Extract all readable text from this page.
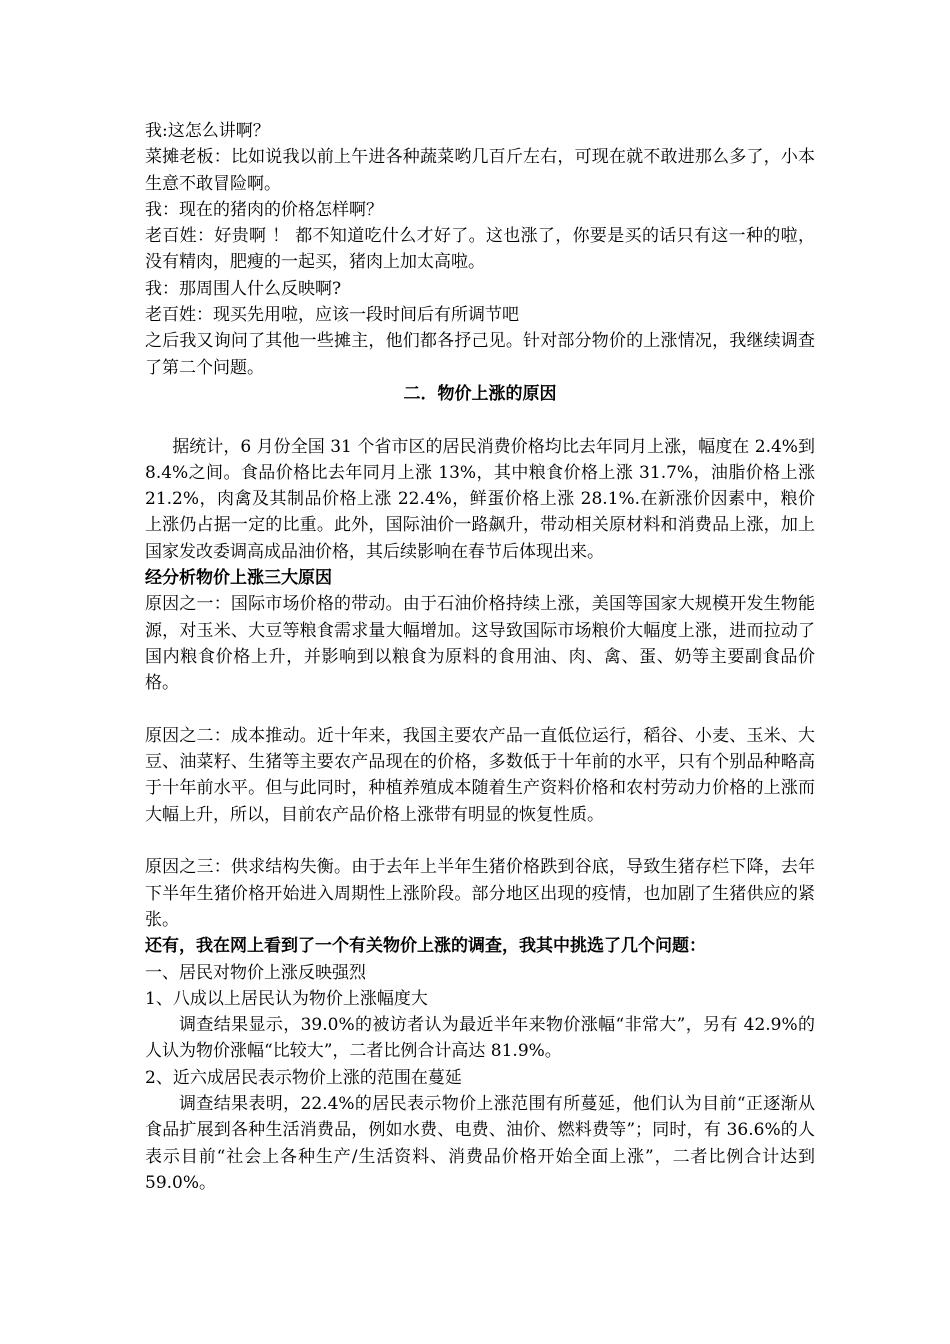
我:这怎么讲啊？

菜摊老板：比如说我以前上午进各种蔬菜哟几百斤左右，可现在就不敢进那么多了，小本生意不敢冒险啊。

我：现在的猪肉的价格怎样啊？

老百姓：好贵啊 ！ 都不知道吃什么才好了。这也涨了，你要是买的话只有这一种的啦，没有精肉，肥瘦的一起买，猪肉上加太高啦。

我：那周围人什么反映啊?

老百姓：现买先用啦，应该一段时间后有所调节吧

之后我又询问了其他一些摊主，他们都各抒己见。针对部分物价的上涨情况，我继续调查了第二个问题。

二．物价上涨的原因

据统计，6 月份全国 31 个省市区的居民消费价格均比去年同月上涨，幅度在 2.4%到 8.4%之间。食品价格比去年同月上涨 13%，其中粮食价格上涨 31.7%，油脂价格上涨 21.2%，肉禽及其制品价格上涨 22.4%，鲜蛋价格上涨 28.1%.在新涨价因素中，粮价上涨仍占据一定的比重。此外，国际油价一路飙升，带动相关原材料和消费品上涨，加上国家发改委调高成品油价格，其后续影响在春节后体现出来。

经分析物价上涨三大原因

原因之一：国际市场价格的带动。由于石油价格持续上涨，美国等国家大规模开发生物能源，对玉米、大豆等粮食需求量大幅增加。这导致国际市场粮价大幅度上涨，进而拉动了国内粮食价格上升，并影响到以粮食为原料的食用油、肉、禽、蛋、奶等主要副食品价格。

原因之二：成本推动。近十年来，我国主要农产品一直低位运行，稻谷、小麦、玉米、大豆、油菜籽、生猪等主要农产品现在的价格，多数低于十年前的水平，只有个别品种略高于十年前水平。但与此同时，种植养殖成本随着生产资料价格和农村劳动力价格的上涨而大幅上升，所以，目前农产品价格上涨带有明显的恢复性质。

原因之三：供求结构失衡。由于去年上半年生猪价格跌到谷底，导致生猪存栏下降，去年下半年生猪价格开始进入周期性上涨阶段。部分地区出现的疫情，也加剧了生猪供应的紧张。

还有，我在网上看到了一个有关物价上涨的调查，我其中挑选了几个问题：

一、居民对物价上涨反映强烈

1、八成以上居民认为物价上涨幅度大

调查结果显示，39.0%的被访者认为最近半年来物价涨幅“非常大”，另有 42.9%的人认为物价涨幅“比较大”，二者比例合计高达 81.9%。

2、近六成居民表示物价上涨的范围在蔓延

调查结果表明，22.4%的居民表示物价上涨范围有所蔓延，他们认为目前“正逐渐从食品扩展到各种生活消费品，例如水费、电费、油价、燃料费等”；同时，有 36.6%的人表示目前“社会上各种生产/生活资料、消费品价格开始全面上涨”，二者比例合计达到 59.0%。
